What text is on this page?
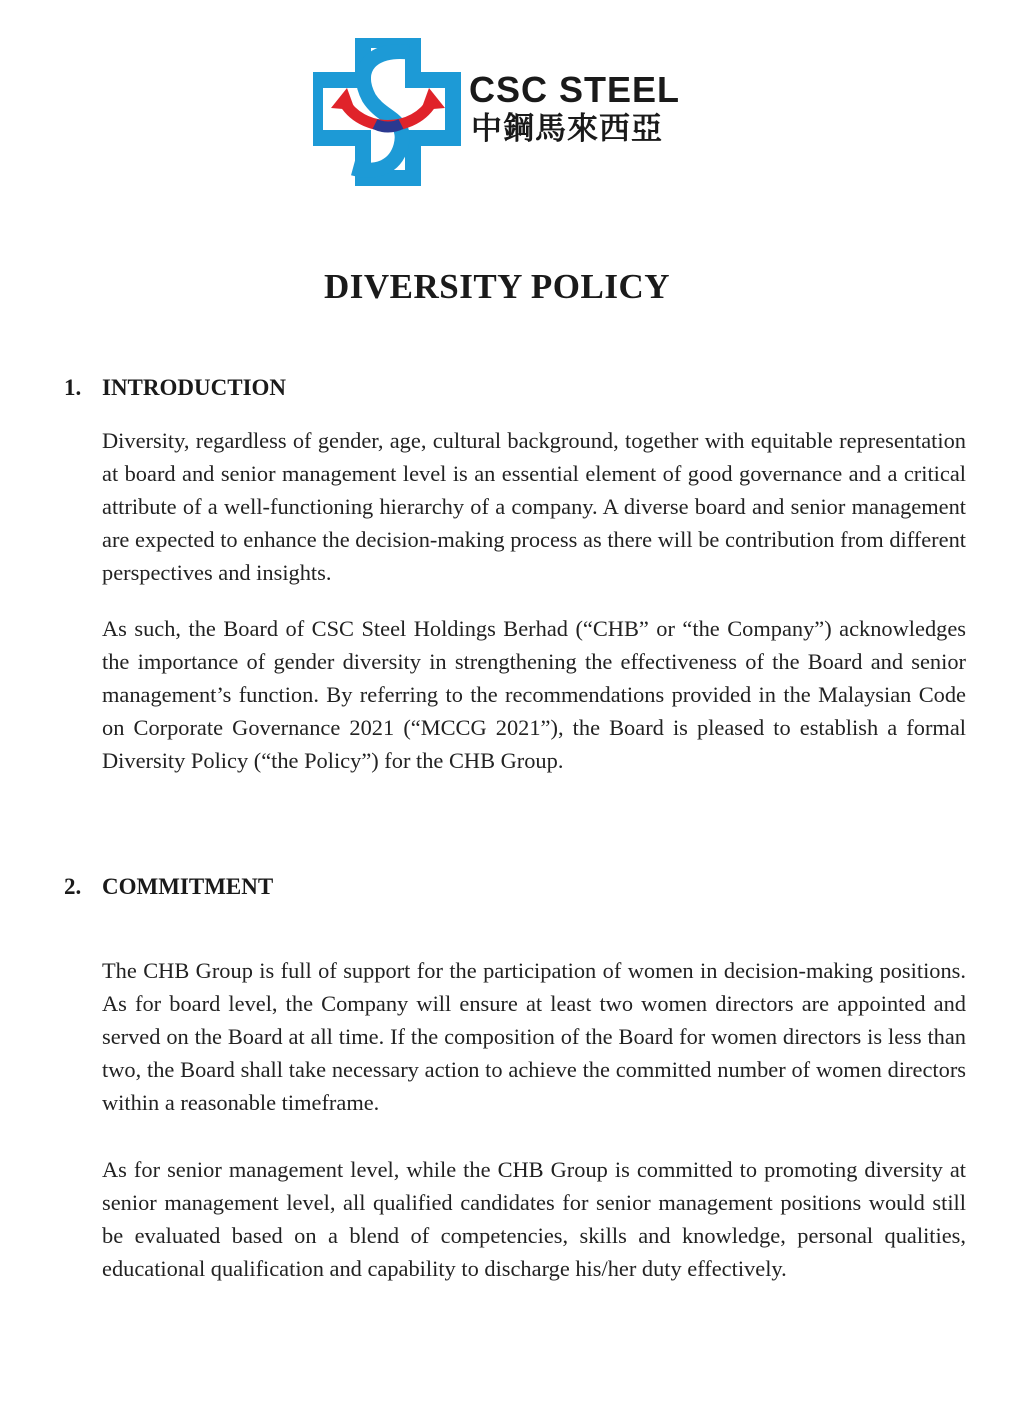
CSC STEEL
中鋼馬來西亞
DIVERSITY POLICY
1. INTRODUCTION

Diversity, regardless of gender, age, cultural background, together with equitable representation at board and senior management level is an essential element of good governance and a critical attribute of a well-functioning hierarchy of a company. A diverse board and senior management are expected to enhance the decision-making process as there will be contribution from different perspectives and insights.

As such, the Board of CSC Steel Holdings Berhad (“CHB” or “the Company”) acknowledges the importance of gender diversity in strengthening the effectiveness of the Board and senior management’s function. By referring to the recommendations provided in the Malaysian Code on Corporate Governance 2021 (“MCCG 2021”), the Board is pleased to establish a formal Diversity Policy (“the Policy”) for the CHB Group.

2. COMMITMENT

The CHB Group is full of support for the participation of women in decision-making positions. As for board level, the Company will ensure at least two women directors are appointed and served on the Board at all time. If the composition of the Board for women directors is less than two, the Board shall take necessary action to achieve the committed number of women directors within a reasonable timeframe.

As for senior management level, while the CHB Group is committed to promoting diversity at senior management level, all qualified candidates for senior management positions would still be evaluated based on a blend of competencies, skills and knowledge, personal qualities, educational qualification and capability to discharge his/her duty effectively.
